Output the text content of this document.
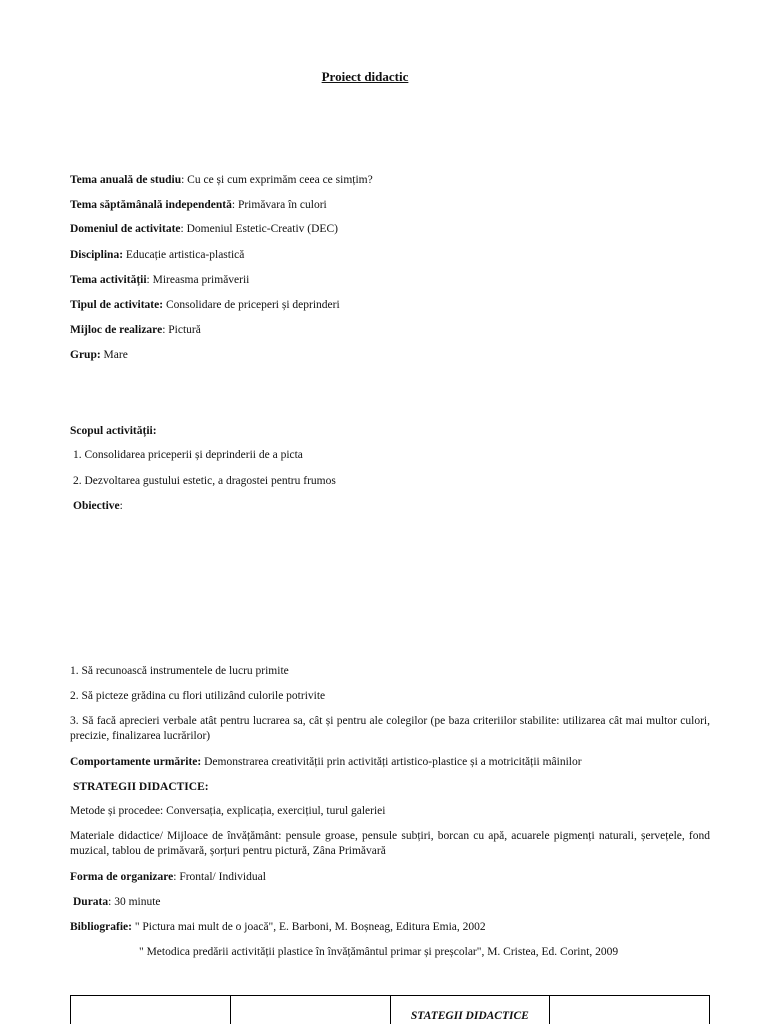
Proiect didactic
Tema anuală de studiu: Cu ce și cum exprimăm ceea ce simțim?
Tema săptămânală independentă: Primăvara în culori
Domeniul de activitate: Domeniul Estetic-Creativ (DEC)
Disciplina: Educație artistica-plastică
Tema activității: Mireasma primăverii
Tipul de activitate: Consolidare de priceperi și deprinderi
Mijloc de realizare: Pictură
Grup: Mare
Scopul activității:
1. Consolidarea priceperii și deprinderii de a picta
2. Dezvoltarea gustului estetic, a dragostei pentru frumos
Obiective:
1. Să recunoască instrumentele de lucru primite
2. Să picteze grădina cu flori utilizând culorile potrivite
3. Să facă aprecieri verbale atât pentru lucrarea sa, cât și pentru ale colegilor (pe baza criteriilor stabilite: utilizarea cât mai multor culori, precizie, finalizarea lucrărilor)
Comportamente urmărite: Demonstrarea creativității prin activități artistico-plastice și a motricității mâinilor
STRATEGII DIDACTICE:
Metode și procedee: Conversația, explicația, exercițiul, turul galeriei
Materiale didactice/ Mijloace de învățământ: pensule groase, pensule subțiri, borcan cu apă, acuarele pigmenți naturali, șervețele, fond muzical, tablou de primăvară, șorțuri pentru pictură, Zâna Primăvară
Forma de organizare: Frontal/ Individual
Durata: 30 minute
Bibliografie: " Pictura mai mult de o joacă", E. Barboni, M. Boșneag, Editura Emia, 2002
" Metodica predării activității plastice în învățământul primar și preșcolar", M. Cristea, Ed. Corint, 2009
STATEGII DIDACTICE
